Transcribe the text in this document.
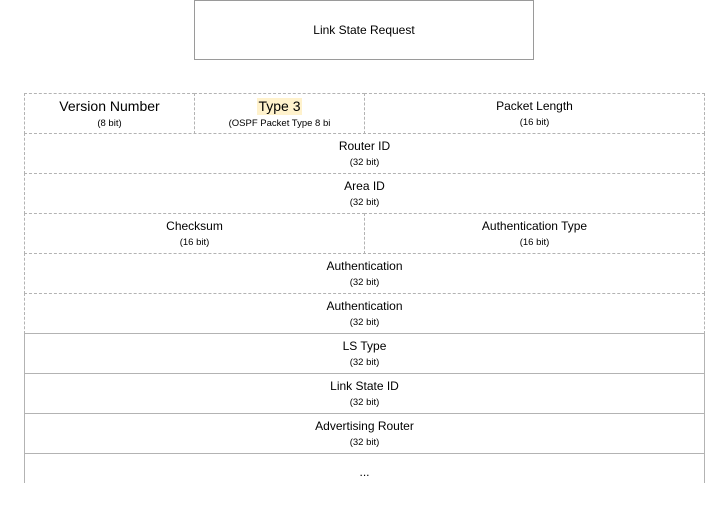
Link State Request
Version Number
(8 bit)
Type 3
(OSPF Packet Type 8 bi
Packet Length
(16 bit)
Router ID
(32 bit)
Area ID
(32 bit)
Checksum
(16 bit)
Authentication Type
(16 bit)
Authentication
(32 bit)
Authentication
(32 bit)
LS Type
(32 bit)
Link State ID
(32 bit)
Advertising Router
(32 bit)
...
